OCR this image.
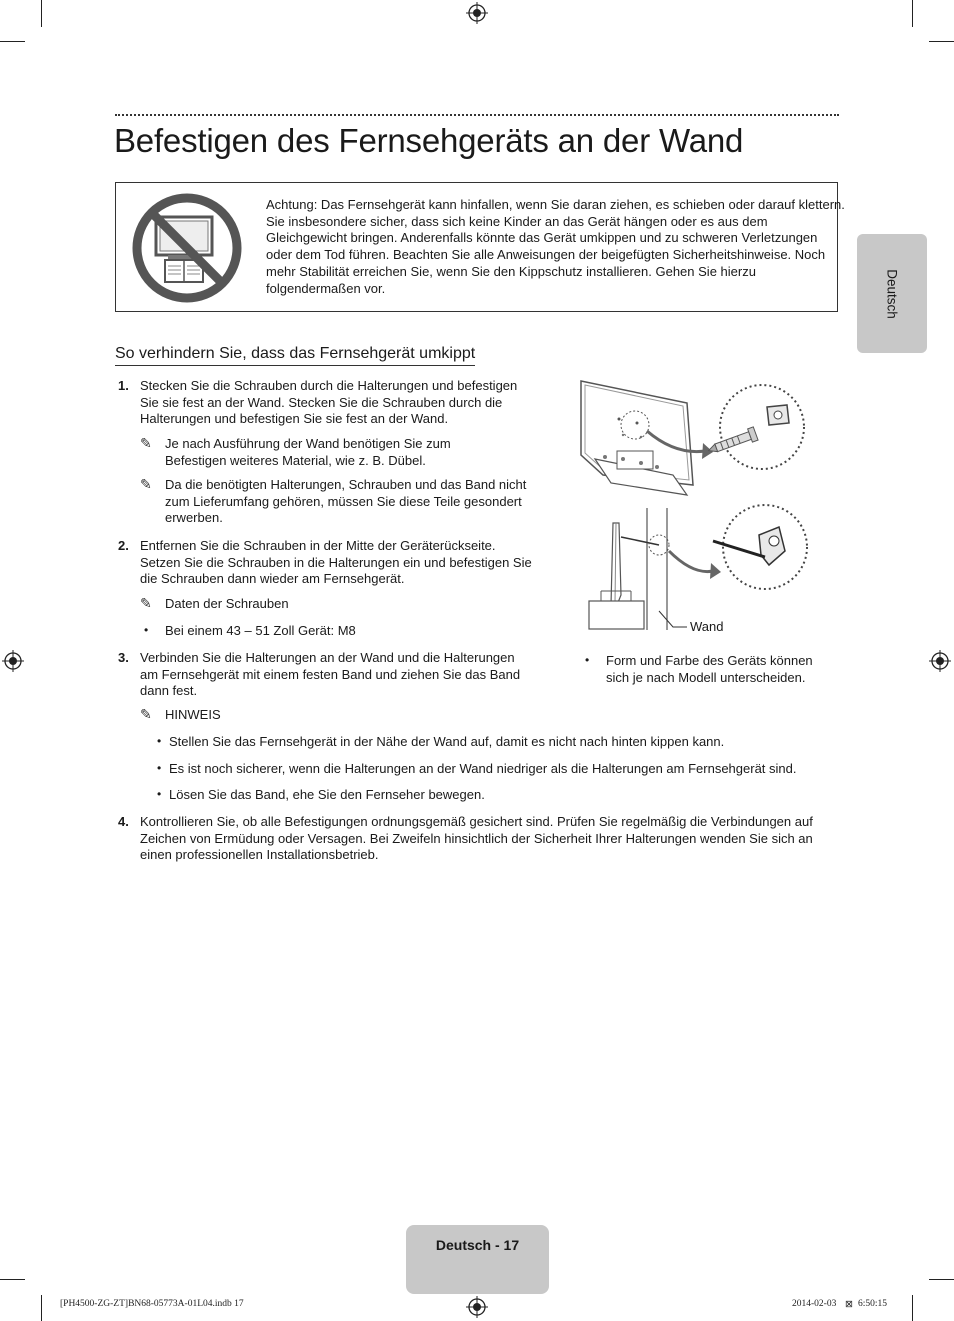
Befestigen des Fernsehgeräts an der Wand
Deutsch
Achtung: Das Fernsehgerät kann hinfallen, wenn Sie daran ziehen, es schieben oder darauf klettern. Sie insbesondere sicher, dass sich keine Kinder an das Gerät hängen oder es aus dem Gleichgewicht bringen. Anderenfalls könnte das Gerät umkippen und zu schweren Verletzungen oder dem Tod führen. Beachten Sie alle Anweisungen der beigefügten Sicherheitshinweise. Noch mehr Stabilität erreichen Sie, wenn Sie den Kippschutz installieren. Gehen Sie hierzu folgendermaßen vor.
So verhindern Sie, dass das Fernsehgerät umkippt
1. Stecken Sie die Schrauben durch die Halterungen und befestigen Sie sie fest an der Wand. Stecken Sie die Schrauben durch die Halterungen und befestigen Sie sie fest an der Wand.
✎ Je nach Ausführung der Wand benötigen Sie zum Befestigen weiteres Material, wie z. B. Dübel.
✎ Da die benötigten Halterungen, Schrauben und das Band nicht zum Lieferumfang gehören, müssen Sie diese Teile gesondert erwerben.
2. Entfernen Sie die Schrauben in der Mitte der Geräterückseite. Setzen Sie die Schrauben in die Halterungen ein und befestigen Sie die Schrauben dann wieder am Fernsehgerät.
✎ Daten der Schrauben
• Bei einem 43 – 51 Zoll Gerät: M8
3. Verbinden Sie die Halterungen an der Wand und die Halterungen am Fernsehgerät mit einem festen Band und ziehen Sie das Band dann fest.
✎ HINWEIS
• Stellen Sie das Fernsehgerät in der Nähe der Wand auf, damit es nicht nach hinten kippen kann.
• Es ist noch sicherer, wenn die Halterungen an der Wand niedriger als die Halterungen am Fernsehgerät sind.
• Lösen Sie das Band, ehe Sie den Fernseher bewegen.
4. Kontrollieren Sie, ob alle Befestigungen ordnungsgemäß gesichert sind. Prüfen Sie regelmäßig die Verbindungen auf Zeichen von Ermüdung oder Versagen. Bei Zweifeln hinsichtlich der Sicherheit Ihrer Halterungen wenden Sie sich an einen professionellen Installationsbetrieb.
Wand
• Form und Farbe des Geräts können sich je nach Modell unterscheiden.
Deutsch - 17
[PH4500-ZG-ZT]BN68-05773A-01L04.indb 17	2014-02-03 ⊠ 6:50:15
